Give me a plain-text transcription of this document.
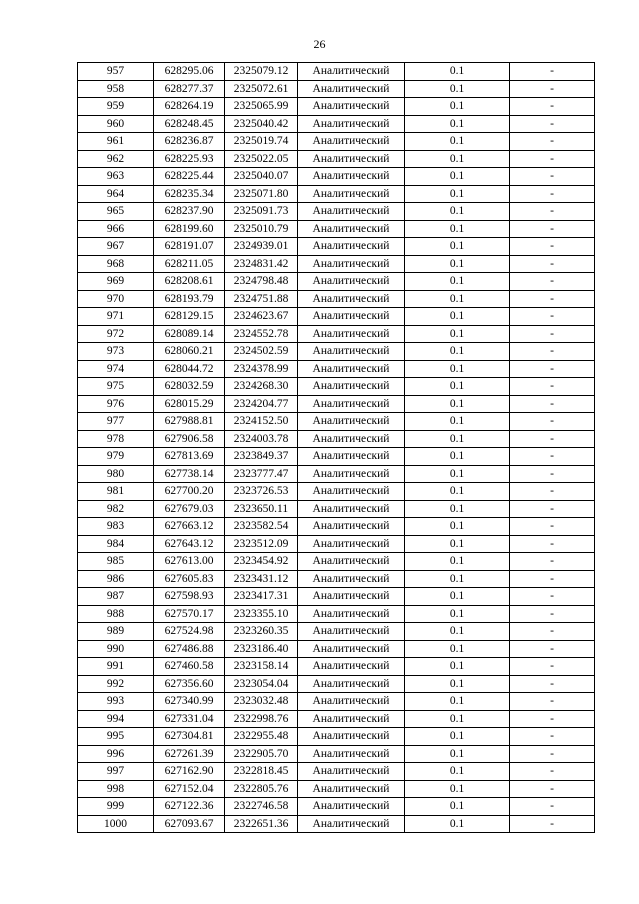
26
957	628295.06	2325079.12	Аналитический	0.1	-
958	628277.37	2325072.61	Аналитический	0.1	-
959	628264.19	2325065.99	Аналитический	0.1	-
960	628248.45	2325040.42	Аналитический	0.1	-
961	628236.87	2325019.74	Аналитический	0.1	-
962	628225.93	2325022.05	Аналитический	0.1	-
963	628225.44	2325040.07	Аналитический	0.1	-
964	628235.34	2325071.80	Аналитический	0.1	-
965	628237.90	2325091.73	Аналитический	0.1	-
966	628199.60	2325010.79	Аналитический	0.1	-
967	628191.07	2324939.01	Аналитический	0.1	-
968	628211.05	2324831.42	Аналитический	0.1	-
969	628208.61	2324798.48	Аналитический	0.1	-
970	628193.79	2324751.88	Аналитический	0.1	-
971	628129.15	2324623.67	Аналитический	0.1	-
972	628089.14	2324552.78	Аналитический	0.1	-
973	628060.21	2324502.59	Аналитический	0.1	-
974	628044.72	2324378.99	Аналитический	0.1	-
975	628032.59	2324268.30	Аналитический	0.1	-
976	628015.29	2324204.77	Аналитический	0.1	-
977	627988.81	2324152.50	Аналитический	0.1	-
978	627906.58	2324003.78	Аналитический	0.1	-
979	627813.69	2323849.37	Аналитический	0.1	-
980	627738.14	2323777.47	Аналитический	0.1	-
981	627700.20	2323726.53	Аналитический	0.1	-
982	627679.03	2323650.11	Аналитический	0.1	-
983	627663.12	2323582.54	Аналитический	0.1	-
984	627643.12	2323512.09	Аналитический	0.1	-
985	627613.00	2323454.92	Аналитический	0.1	-
986	627605.83	2323431.12	Аналитический	0.1	-
987	627598.93	2323417.31	Аналитический	0.1	-
988	627570.17	2323355.10	Аналитический	0.1	-
989	627524.98	2323260.35	Аналитический	0.1	-
990	627486.88	2323186.40	Аналитический	0.1	-
991	627460.58	2323158.14	Аналитический	0.1	-
992	627356.60	2323054.04	Аналитический	0.1	-
993	627340.99	2323032.48	Аналитический	0.1	-
994	627331.04	2322998.76	Аналитический	0.1	-
995	627304.81	2322955.48	Аналитический	0.1	-
996	627261.39	2322905.70	Аналитический	0.1	-
997	627162.90	2322818.45	Аналитический	0.1	-
998	627152.04	2322805.76	Аналитический	0.1	-
999	627122.36	2322746.58	Аналитический	0.1	-
1000	627093.67	2322651.36	Аналитический	0.1	-
